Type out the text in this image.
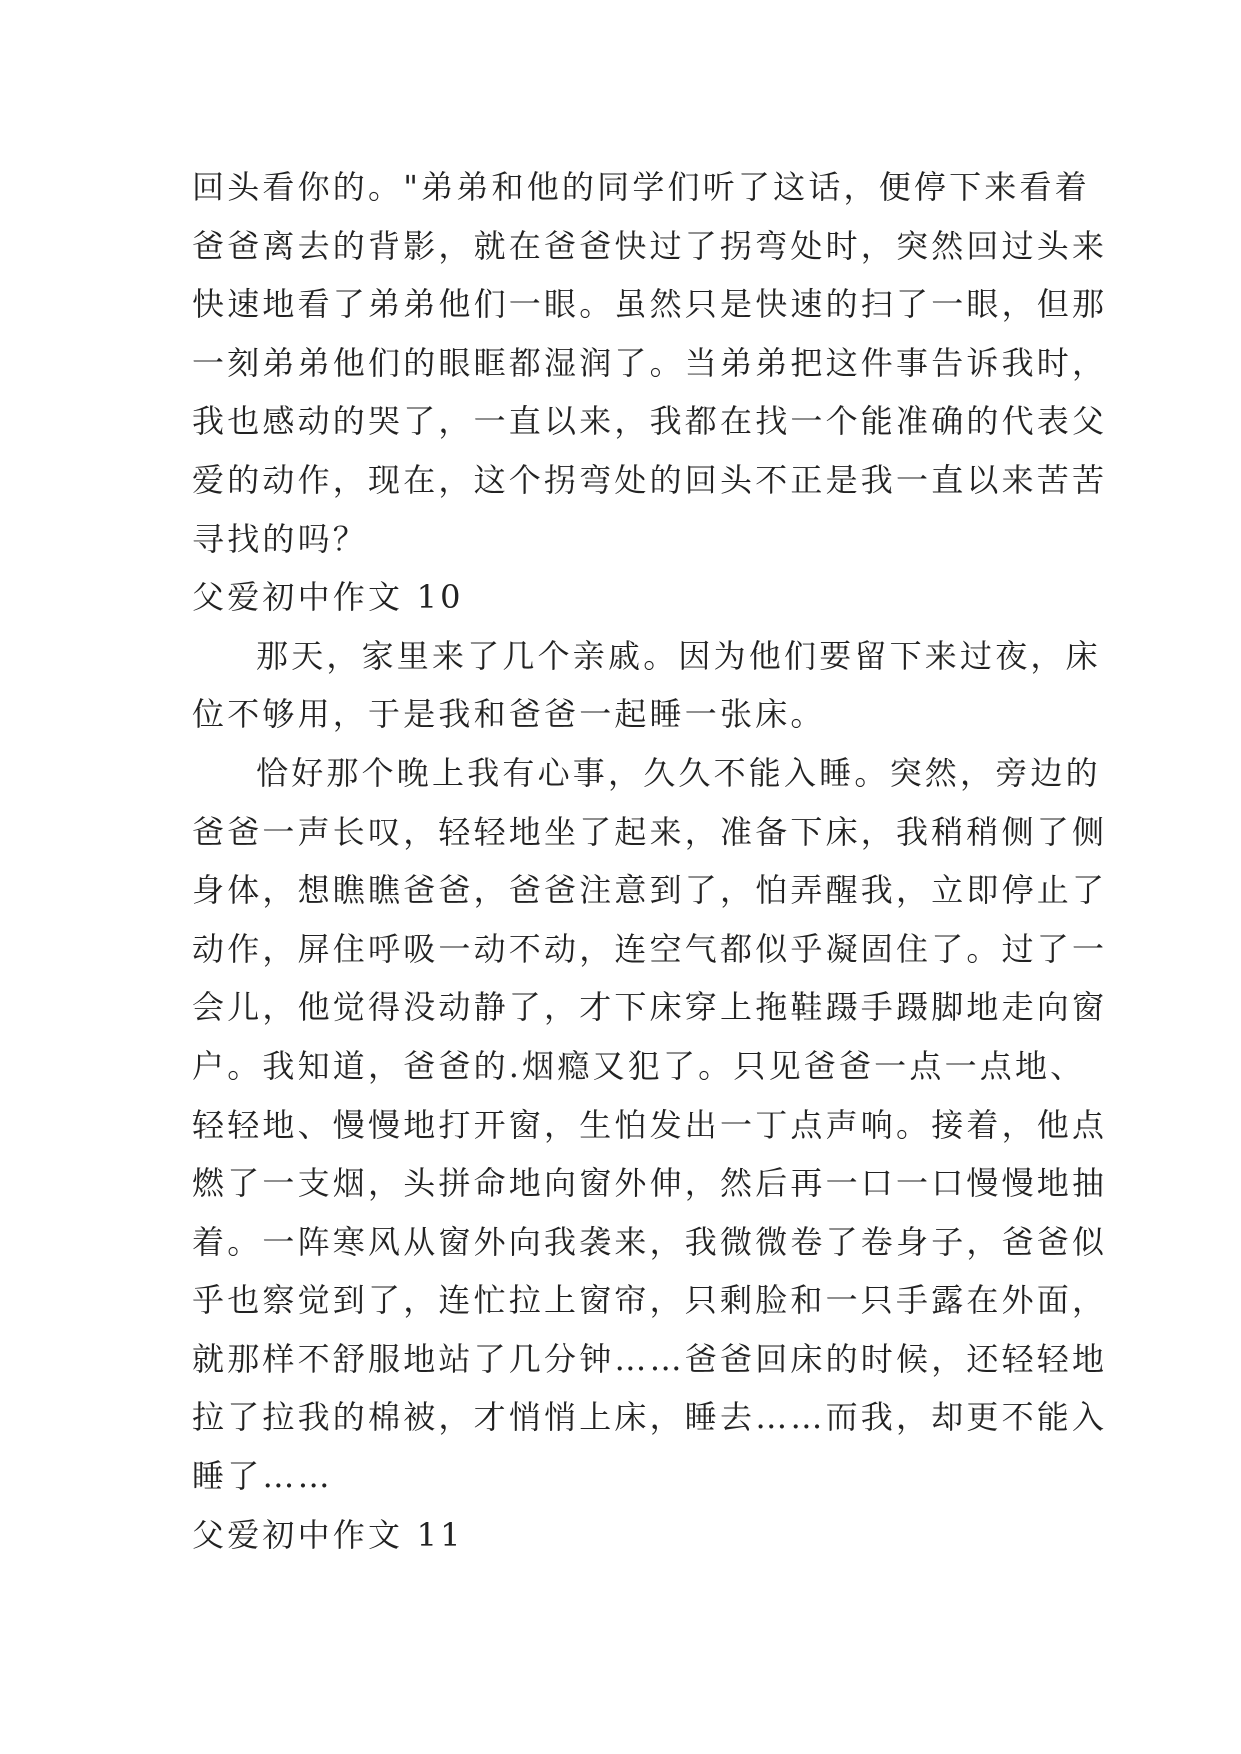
回头看你的。"弟弟和他的同学们听了这话，便停下来看着
爸爸离去的背影，就在爸爸快过了拐弯处时，突然回过头来
快速地看了弟弟他们一眼。虽然只是快速的扫了一眼，但那
一刻弟弟他们的眼眶都湿润了。当弟弟把这件事告诉我时，
我也感动的哭了，一直以来，我都在找一个能准确的代表父
爱的动作，现在，这个拐弯处的回头不正是我一直以来苦苦
寻找的吗？
父爱初中作文 10
那天，家里来了几个亲戚。因为他们要留下来过夜，床
位不够用，于是我和爸爸一起睡一张床。
恰好那个晚上我有心事，久久不能入睡。突然，旁边的
爸爸一声长叹，轻轻地坐了起来，准备下床，我稍稍侧了侧
身体，想瞧瞧爸爸，爸爸注意到了，怕弄醒我，立即停止了
动作，屏住呼吸一动不动，连空气都似乎凝固住了。过了一
会儿，他觉得没动静了，才下床穿上拖鞋蹑手蹑脚地走向窗
户。我知道，爸爸的.烟瘾又犯了。只见爸爸一点一点地、
轻轻地、慢慢地打开窗，生怕发出一丁点声响。接着，他点
燃了一支烟，头拼命地向窗外伸，然后再一口一口慢慢地抽
着。一阵寒风从窗外向我袭来，我微微卷了卷身子，爸爸似
乎也察觉到了，连忙拉上窗帘，只剩脸和一只手露在外面，
就那样不舒服地站了几分钟……爸爸回床的时候，还轻轻地
拉了拉我的棉被，才悄悄上床，睡去……而我，却更不能入
睡了……
父爱初中作文 11
